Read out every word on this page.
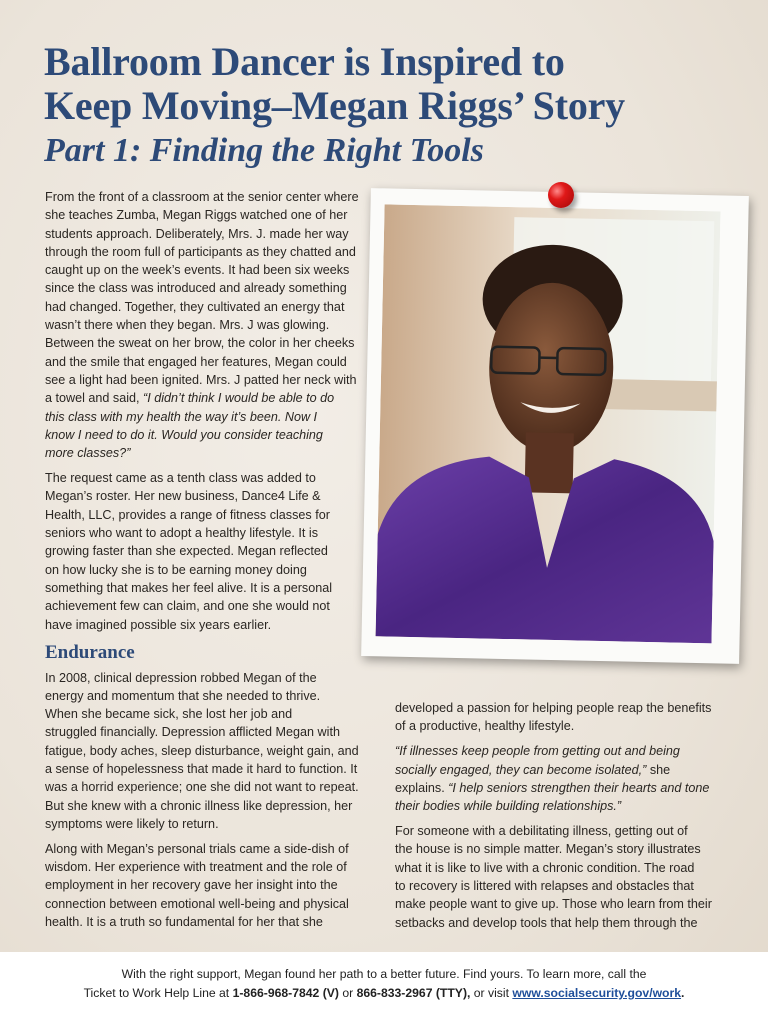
Ballroom Dancer is Inspired to
Keep Moving–Megan Riggs’ Story
Part 1: Finding the Right Tools
From the front of a classroom at the senior center where
she teaches Zumba, Megan Riggs watched one of her
students approach. Deliberately, Mrs. J. made her way
through the room full of participants as they chatted and
caught up on the week’s events. It had been six weeks
since the class was introduced and already something
had changed. Together, they cultivated an energy that
wasn’t there when they began. Mrs. J was glowing.
Between the sweat on her brow, the color in her cheeks
and the smile that engaged her features, Megan could
see a light had been ignited. Mrs. J patted her neck with
a towel and said, “I didn’t think I would be able to do
this class with my health the way it’s been. Now I
know I need to do it. Would you consider teaching
more classes?”
The request came as a tenth class was added to
Megan’s roster. Her new business, Dance4 Life &
Health, LLC, provides a range of fitness classes for
seniors who want to adopt a healthy lifestyle. It is
growing faster than she expected. Megan reflected
on how lucky she is to be earning money doing
something that makes her feel alive. It is a personal
achievement few can claim, and one she would not
have imagined possible six years earlier.
Endurance
In 2008, clinical depression robbed Megan of the
energy and momentum that she needed to thrive.
When she became sick, she lost her job and
struggled financially. Depression afflicted Megan with
fatigue, body aches, sleep disturbance, weight gain, and
a sense of hopelessness that made it hard to function. It
was a horrid experience; one she did not want to repeat.
But she knew with a chronic illness like depression, her
symptoms were likely to return.
Along with Megan’s personal trials came a side-dish of
wisdom. Her experience with treatment and the role of
employment in her recovery gave her insight into the
connection between emotional well-being and physical
health. It is a truth so fundamental for her that she
developed a passion for helping people reap the benefits
of a productive, healthy lifestyle.
“If illnesses keep people from getting out and being
socially engaged, they can become isolated,” she
explains. “I help seniors strengthen their hearts and tone
their bodies while building relationships.”
For someone with a debilitating illness, getting out of
the house is no simple matter. Megan’s story illustrates
what it is like to live with a chronic condition. The road
to recovery is littered with relapses and obstacles that
make people want to give up. Those who learn from their
setbacks and develop tools that help them through the
With the right support, Megan found her path to a better future. Find yours. To learn more, call the
Ticket to Work Help Line at 1-866-968-7842 (V) or 866-833-2967 (TTY), or visit www.socialsecurity.gov/work.
